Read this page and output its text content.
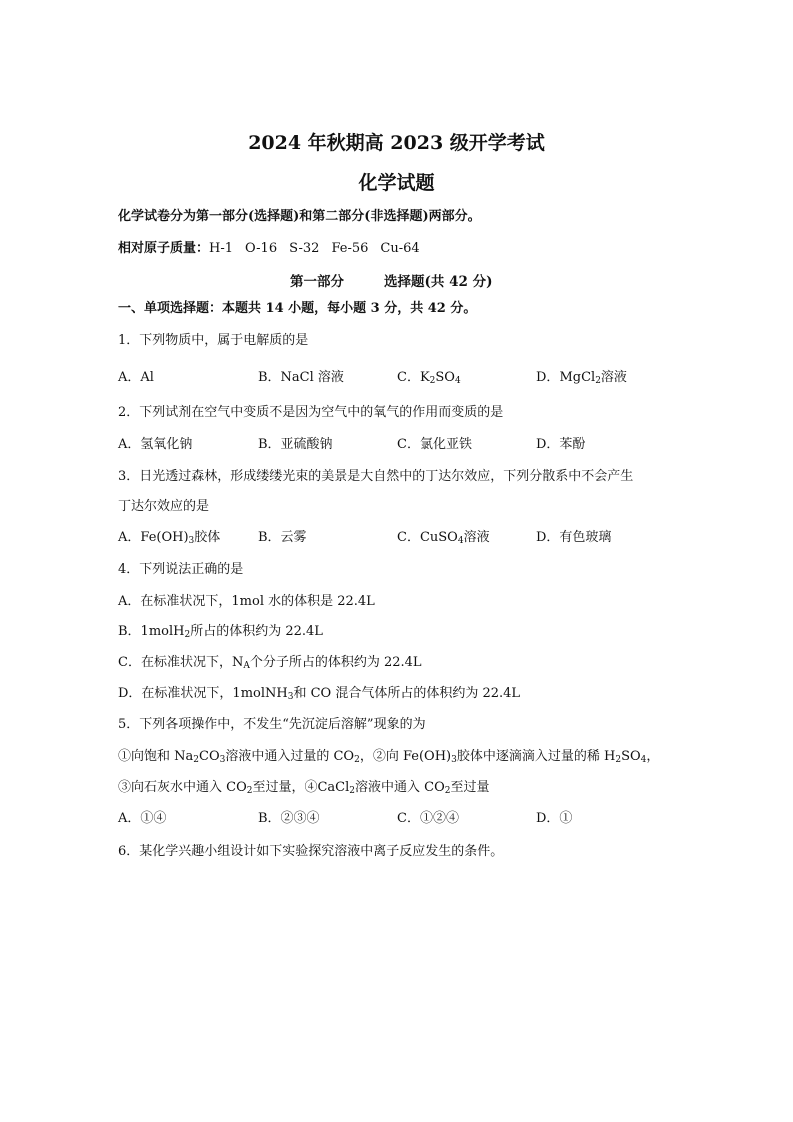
2024 年秋期高 2023 级开学考试
化学试题
化学试卷分为第一部分(选择题)和第二部分(非选择题)两部分。
相对原子质量：H-1 O-16 S-32 Fe-56 Cu-64
第一部分	选择题(共 42 分)
一、单项选择题：本题共 14 小题，每小题 3 分，共 42 分。
1．下列物质中，属于电解质的是
A．Al	B．NaCl 溶液	C．$K_2SO_4$	D．MgCl$_2$溶液
2．下列试剂在空气中变质不是因为空气中的氧气的作用而变质的是
A．氢氧化钠	B．亚硫酸钠	C．氯化亚铁	D．苯酚
3．日光透过森林，形成缕缕光束的美景是大自然中的丁达尔效应，下列分散系中不会产生
丁达尔效应的是
A．$Fe(OH)_3$胶体	B．云雾	C．CuSO$_4$溶液	D．有色玻璃
4．下列说法正确的是
A．在标准状况下，1mol 水的体积是 22.4L
B．1molH$_2$所占的体积约为 22.4L
C．在标准状况下，$N_A$个分子所占的体积约为 22.4L
D．在标准状况下，1molNH$_3$和 CO 混合气体所占的体积约为 22.4L
5．下列各项操作中，不发生“先沉淀后溶解”现象的为
①向饱和 $Na_2CO_3$溶液中通入过量的 $CO_2$，②向 $Fe(OH)_3$胶体中逐滴滴入过量的稀 $H_2SO_4$，
③向石灰水中通入 $CO_2$至过量，④CaCl$_2$溶液中通入 $CO_2$至过量
A．①④	B．②③④	C．①②④	D．①
6．某化学兴趣小组设计如下实验探究溶液中离子反应发生的条件。
